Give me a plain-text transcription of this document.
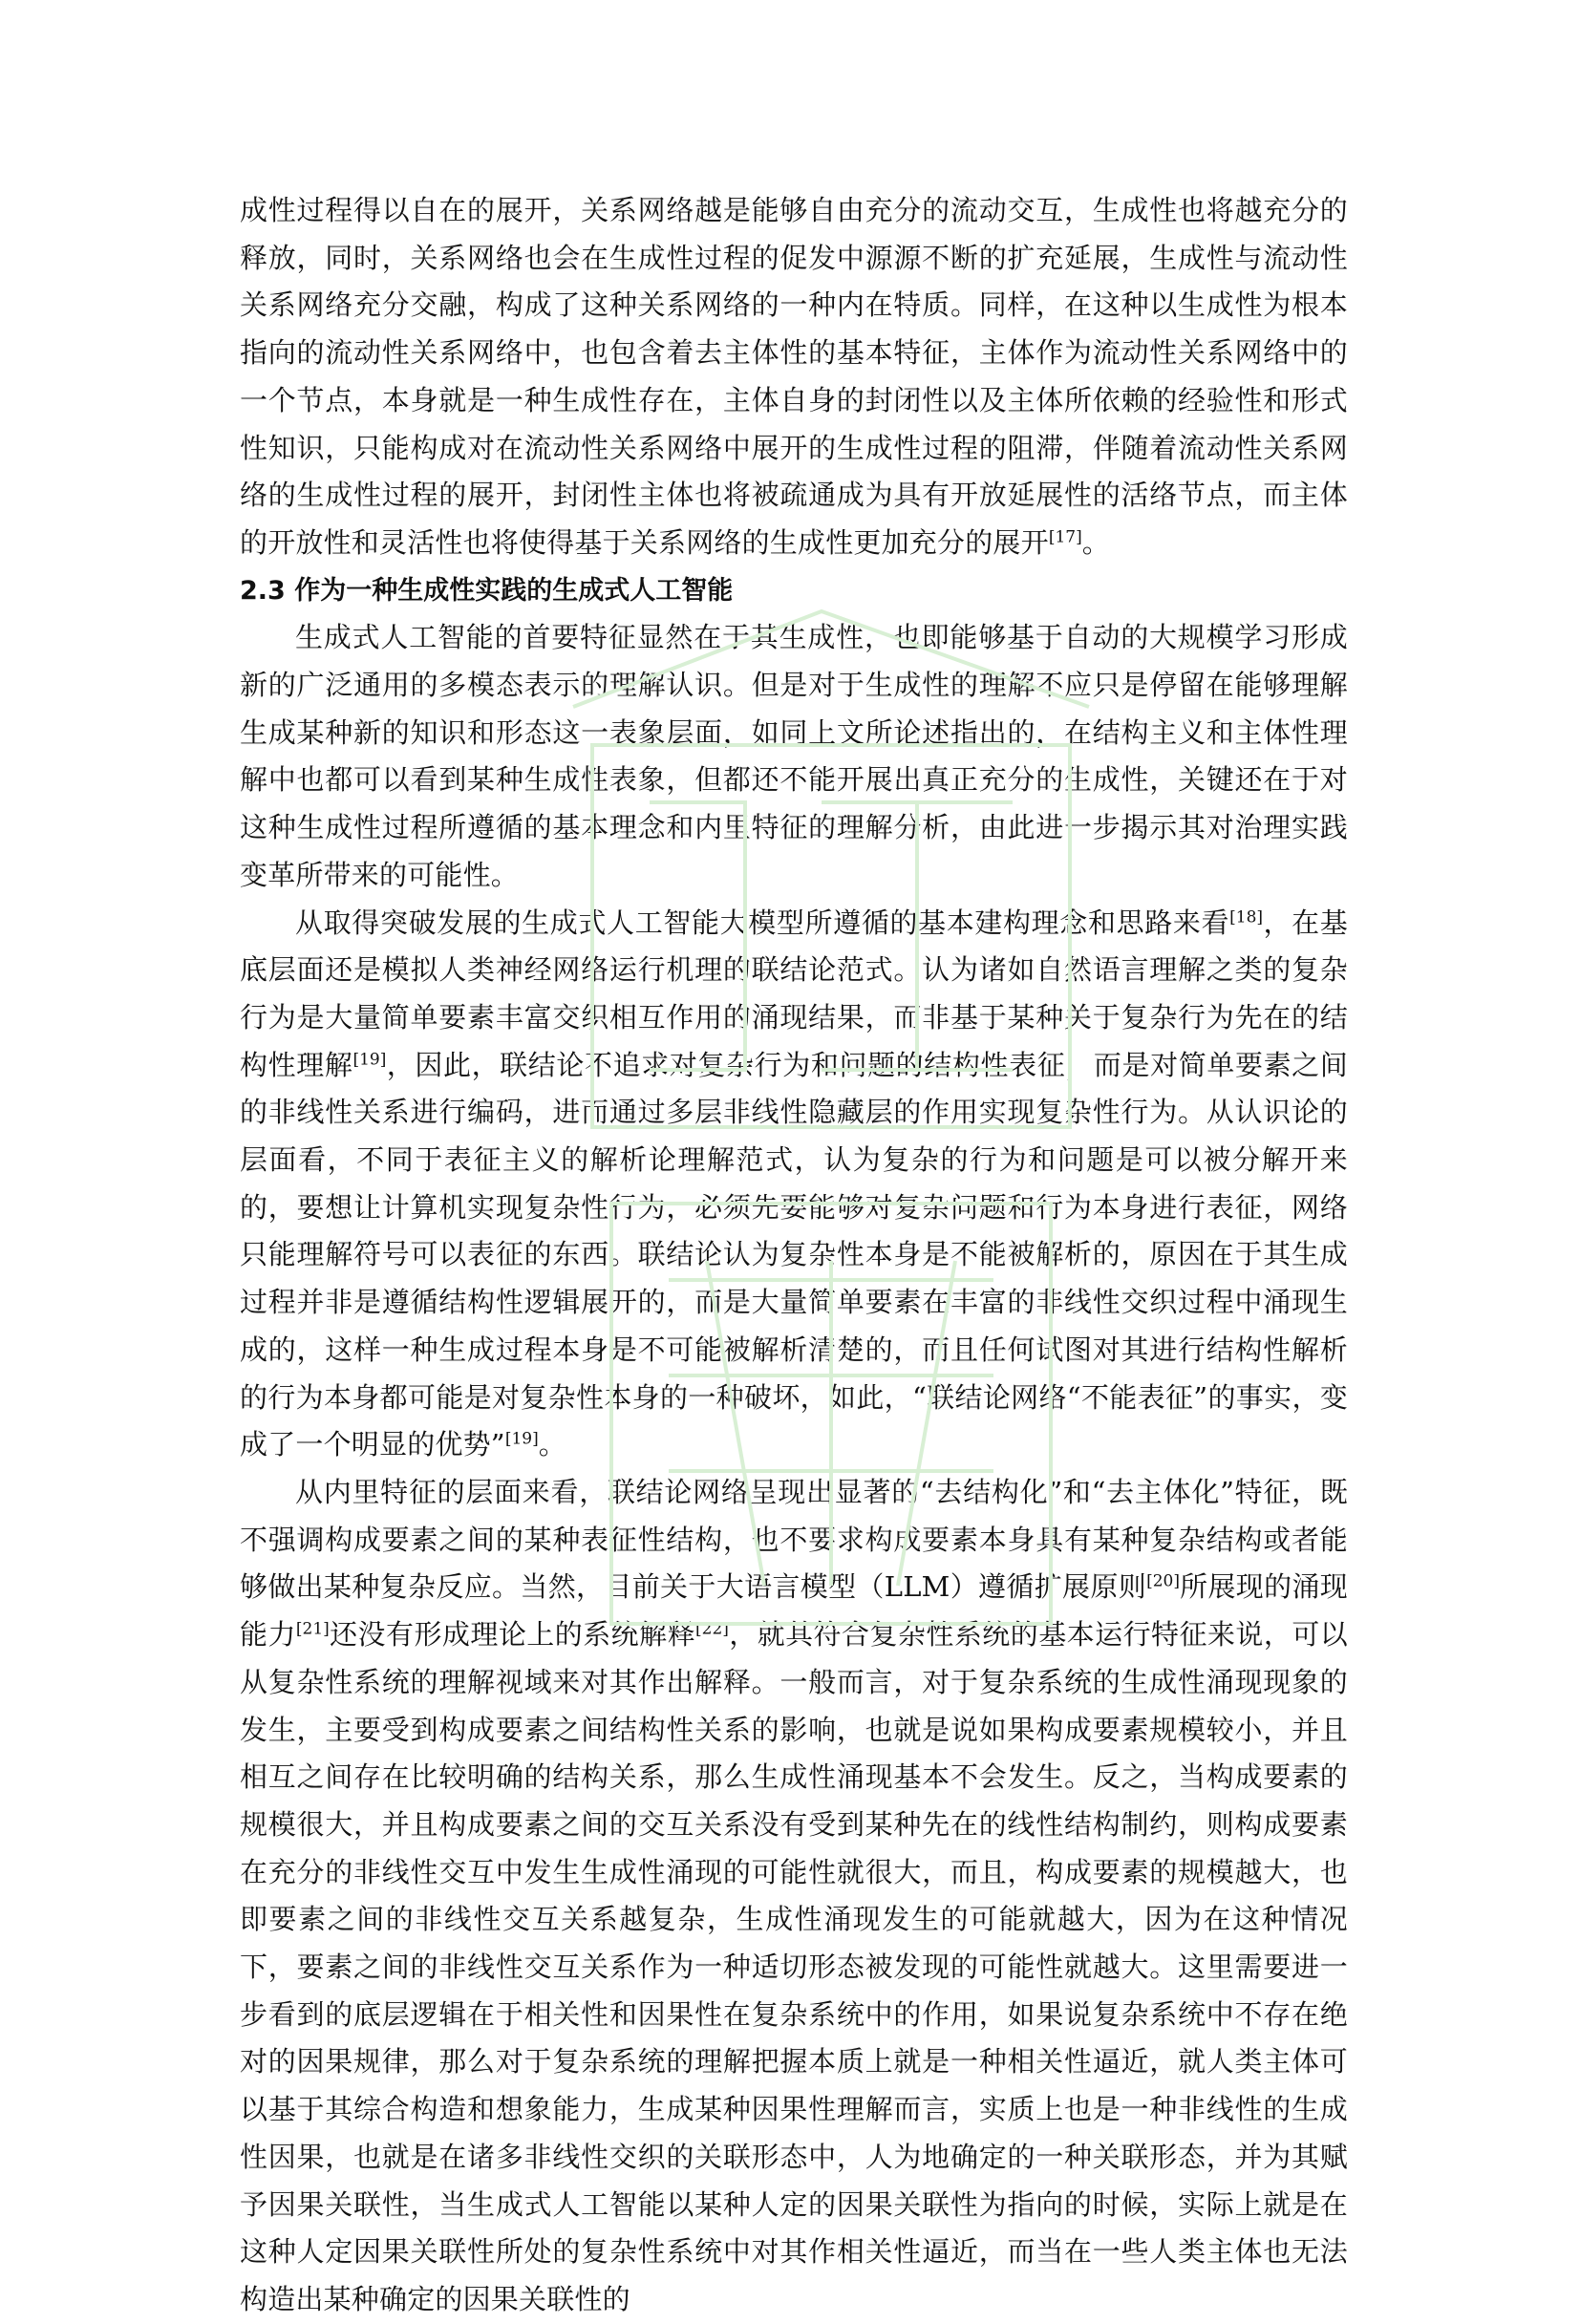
成性过程得以自在的展开，关系网络越是能够自由充分的流动交互，生成性也将越充分的释放，同时，关系网络也会在生成性过程的促发中源源不断的扩充延展，生成性与流动性关系网络充分交融，构成了这种关系网络的一种内在特质。同样，在这种以生成性为根本指向的流动性关系网络中，也包含着去主体性的基本特征，主体作为流动性关系网络中的一个节点，本身就是一种生成性存在，主体自身的封闭性以及主体所依赖的经验性和形式性知识，只能构成对在流动性关系网络中展开的生成性过程的阻滞，伴随着流动性关系网络的生成性过程的展开，封闭性主体也将被疏通成为具有开放延展性的活络节点，而主体的开放性和灵活性也将使得基于关系网络的生成性更加充分的展开[17]。

2.3 作为一种生成性实践的生成式人工智能

生成式人工智能的首要特征显然在于其生成性，也即能够基于自动的大规模学习形成新的广泛通用的多模态表示的理解认识。但是对于生成性的理解不应只是停留在能够理解生成某种新的知识和形态这一表象层面，如同上文所论述指出的，在结构主义和主体性理解中也都可以看到某种生成性表象，但都还不能开展出真正充分的生成性，关键还在于对这种生成性过程所遵循的基本理念和内里特征的理解分析，由此进一步揭示其对治理实践变革所带来的可能性。

从取得突破发展的生成式人工智能大模型所遵循的基本建构理念和思路来看[18]，在基底层面还是模拟人类神经网络运行机理的联结论范式。认为诸如自然语言理解之类的复杂行为是大量简单要素丰富交织相互作用的涌现结果，而非基于某种关于复杂行为先在的结构性理解[19]，因此，联结论不追求对复杂行为和问题的结构性表征，而是对简单要素之间的非线性关系进行编码，进而通过多层非线性隐藏层的作用实现复杂性行为。从认识论的层面看，不同于表征主义的解析论理解范式，认为复杂的行为和问题是可以被分解开来的，要想让计算机实现复杂性行为，必须先要能够对复杂问题和行为本身进行表征，网络只能理解符号可以表征的东西。联结论认为复杂性本身是不能被解析的，原因在于其生成过程并非是遵循结构性逻辑展开的，而是大量简单要素在丰富的非线性交织过程中涌现生成的，这样一种生成过程本身是不可能被解析清楚的，而且任何试图对其进行结构性解析的行为本身都可能是对复杂性本身的一种破坏，如此，“联结论网络“不能表征”的事实，变成了一个明显的优势”[19]。

从内里特征的层面来看，联结论网络呈现出显著的“去结构化”和“去主体化”特征，既不强调构成要素之间的某种表征性结构，也不要求构成要素本身具有某种复杂结构或者能够做出某种复杂反应。当然，目前关于大语言模型（LLM）遵循扩展原则[20]所展现的涌现能力[21]还没有形成理论上的系统解释[22]，就其符合复杂性系统的基本运行特征来说，可以从复杂性系统的理解视域来对其作出解释。一般而言，对于复杂系统的生成性涌现现象的发生，主要受到构成要素之间结构性关系的影响，也就是说如果构成要素规模较小，并且相互之间存在比较明确的结构关系，那么生成性涌现基本不会发生。反之，当构成要素的规模很大，并且构成要素之间的交互关系没有受到某种先在的线性结构制约，则构成要素在充分的非线性交互中发生生成性涌现的可能性就很大，而且，构成要素的规模越大，也即要素之间的非线性交互关系越复杂，生成性涌现发生的可能就越大，因为在这种情况下，要素之间的非线性交互关系作为一种适切形态被发现的可能性就越大。这里需要进一步看到的底层逻辑在于相关性和因果性在复杂系统中的作用，如果说复杂系统中不存在绝对的因果规律，那么对于复杂系统的理解把握本质上就是一种相关性逼近，就人类主体可以基于其综合构造和想象能力，生成某种因果性理解而言，实质上也是一种非线性的生成性因果，也就是在诸多非线性交织的关联形态中，人为地确定的一种关联形态，并为其赋予因果关联性，当生成式人工智能以某种人定的因果关联性为指向的时候，实际上就是在这种人定因果关联性所处的复杂性系统中对其作相关性逼近，而当在一些人类主体也无法构造出某种确定的因果关联性的
